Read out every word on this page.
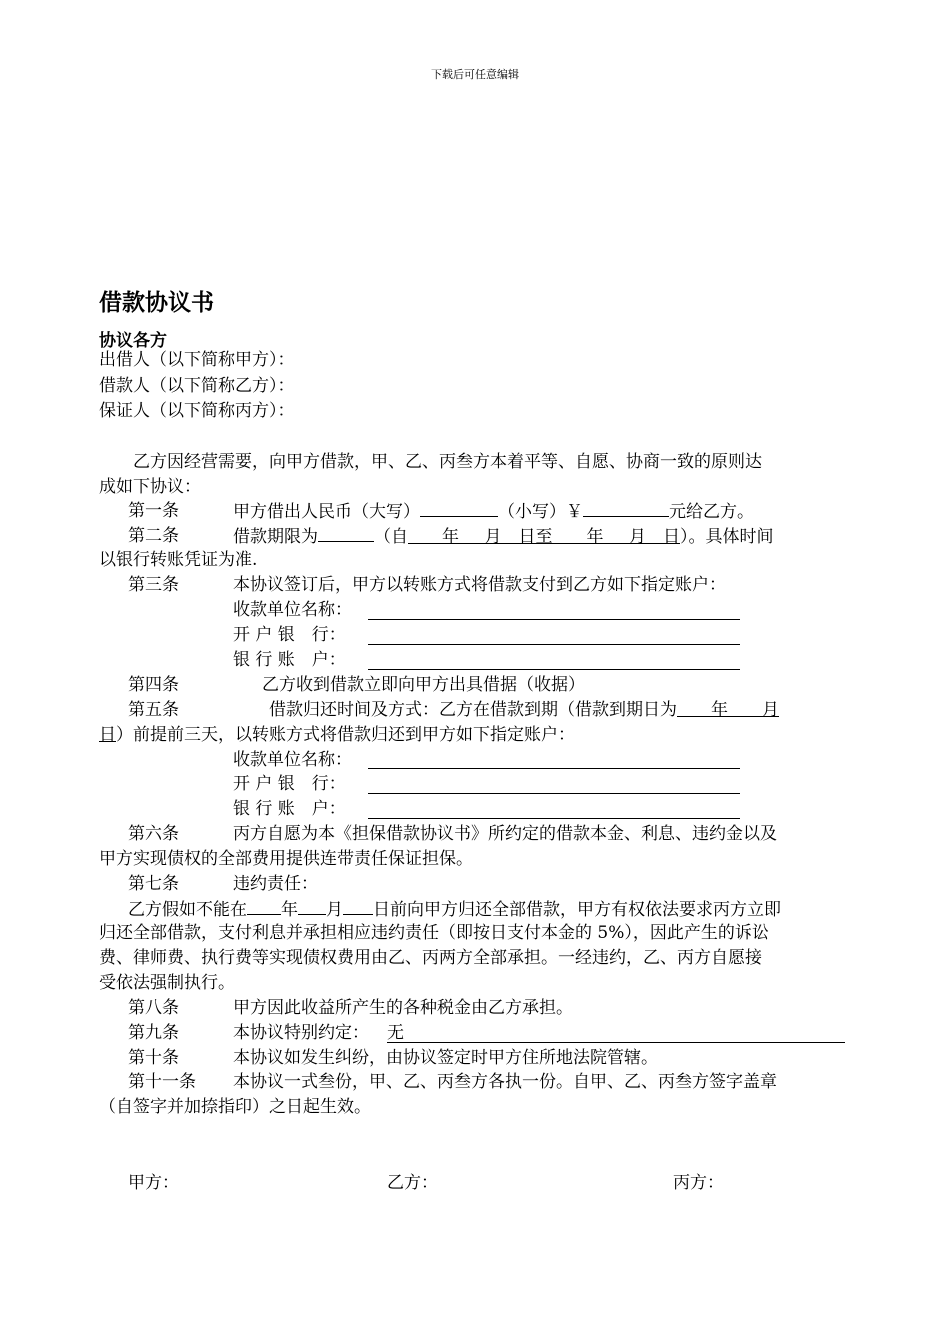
下载后可任意编辑
借款协议书
协议各方
出借人（以下简称甲方）：
借款人（以下简称乙方）：
保证人（以下简称丙方）：
乙方因经营需要，向甲方借款，甲、乙、丙叁方本着平等、自愿、协商一致的原则达
成如下协议：
第一条	甲方借出人民币（大写）	（小写）￥	元给乙方。
第二条	借款期限为	（自     年    月   日至     年    月   日）。具体时间
以银行转账凭证为准.
第三条	本协议签订后，甲方以转账方式将借款支付到乙方如下指定账户：
收款单位名称：
开 户 银　行：
银 行 账　户：
第四条	乙方收到借款立即向甲方出具借据（收据）
第五条	借款归还时间及方式：乙方在借款到期（借款到期日为     年     月
日）前提前三天，以转账方式将借款归还到甲方如下指定账户：
收款单位名称：
开 户 银　行：
银 行 账　户：
第六条	丙方自愿为本《担保借款协议书》所约定的借款本金、利息、违约金以及
甲方实现债权的全部费用提供连带责任保证担保。
第七条	违约责任：
乙方假如不能在 年 月 日前向甲方归还全部借款，甲方有权依法要求丙方立即
归还全部借款，支付利息并承担相应违约责任（即按日支付本金的 5%），因此产生的诉讼
费、律师费、执行费等实现债权费用由乙、丙两方全部承担。一经违约，乙、丙方自愿接
受依法强制执行。
第八条	甲方因此收益所产生的各种税金由乙方承担。
第九条	本协议特别约定： 无
第十条	本协议如发生纠纷，由协议签定时甲方住所地法院管辖。
第十一条 本协议一式叁份，甲、乙、丙叁方各执一份。自甲、乙、丙叁方签字盖章
（自签字并加捺指印）之日起生效。
甲方：	乙方：	丙方：
